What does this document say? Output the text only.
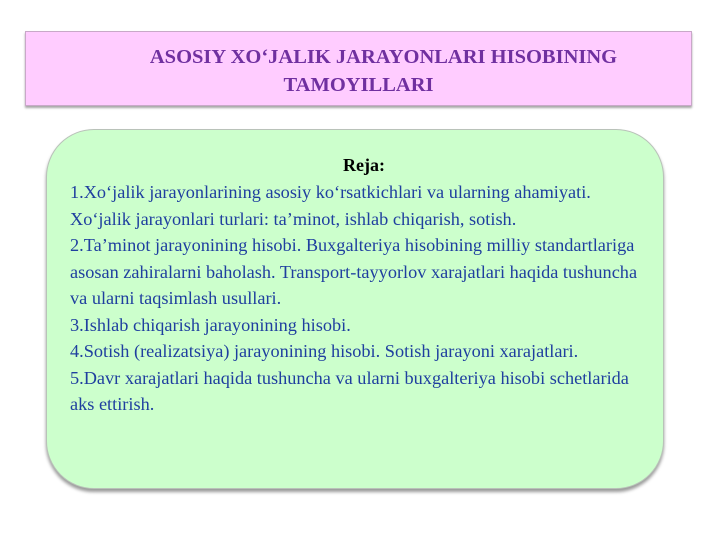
ASOSIY XO‘JALIK JARAYONLARI HISOBINING
TAMOYILLARI
Reja:
1.Xo‘jalik jarayonlarining asosiy ko‘rsatkichlari va ularning ahamiyati. Xo‘jalik jarayonlari turlari: ta’minot, ishlab chiqarish, sotish.
2.Ta’minot jarayonining hisobi. Buxgalteriya hisobining milliy standartlariga asosan zahiralarni baholash. Transport-tayyorlov xarajatlari haqida tushuncha va ularni taqsimlash usullari.
3.Ishlab chiqarish jarayonining hisobi.
4.Sotish (realizatsiya) jarayonining hisobi. Sotish jarayoni xarajatlari.
5.Davr xarajatlari haqida tushuncha va ularni buxgalteriya hisobi schetlarida aks ettirish.
